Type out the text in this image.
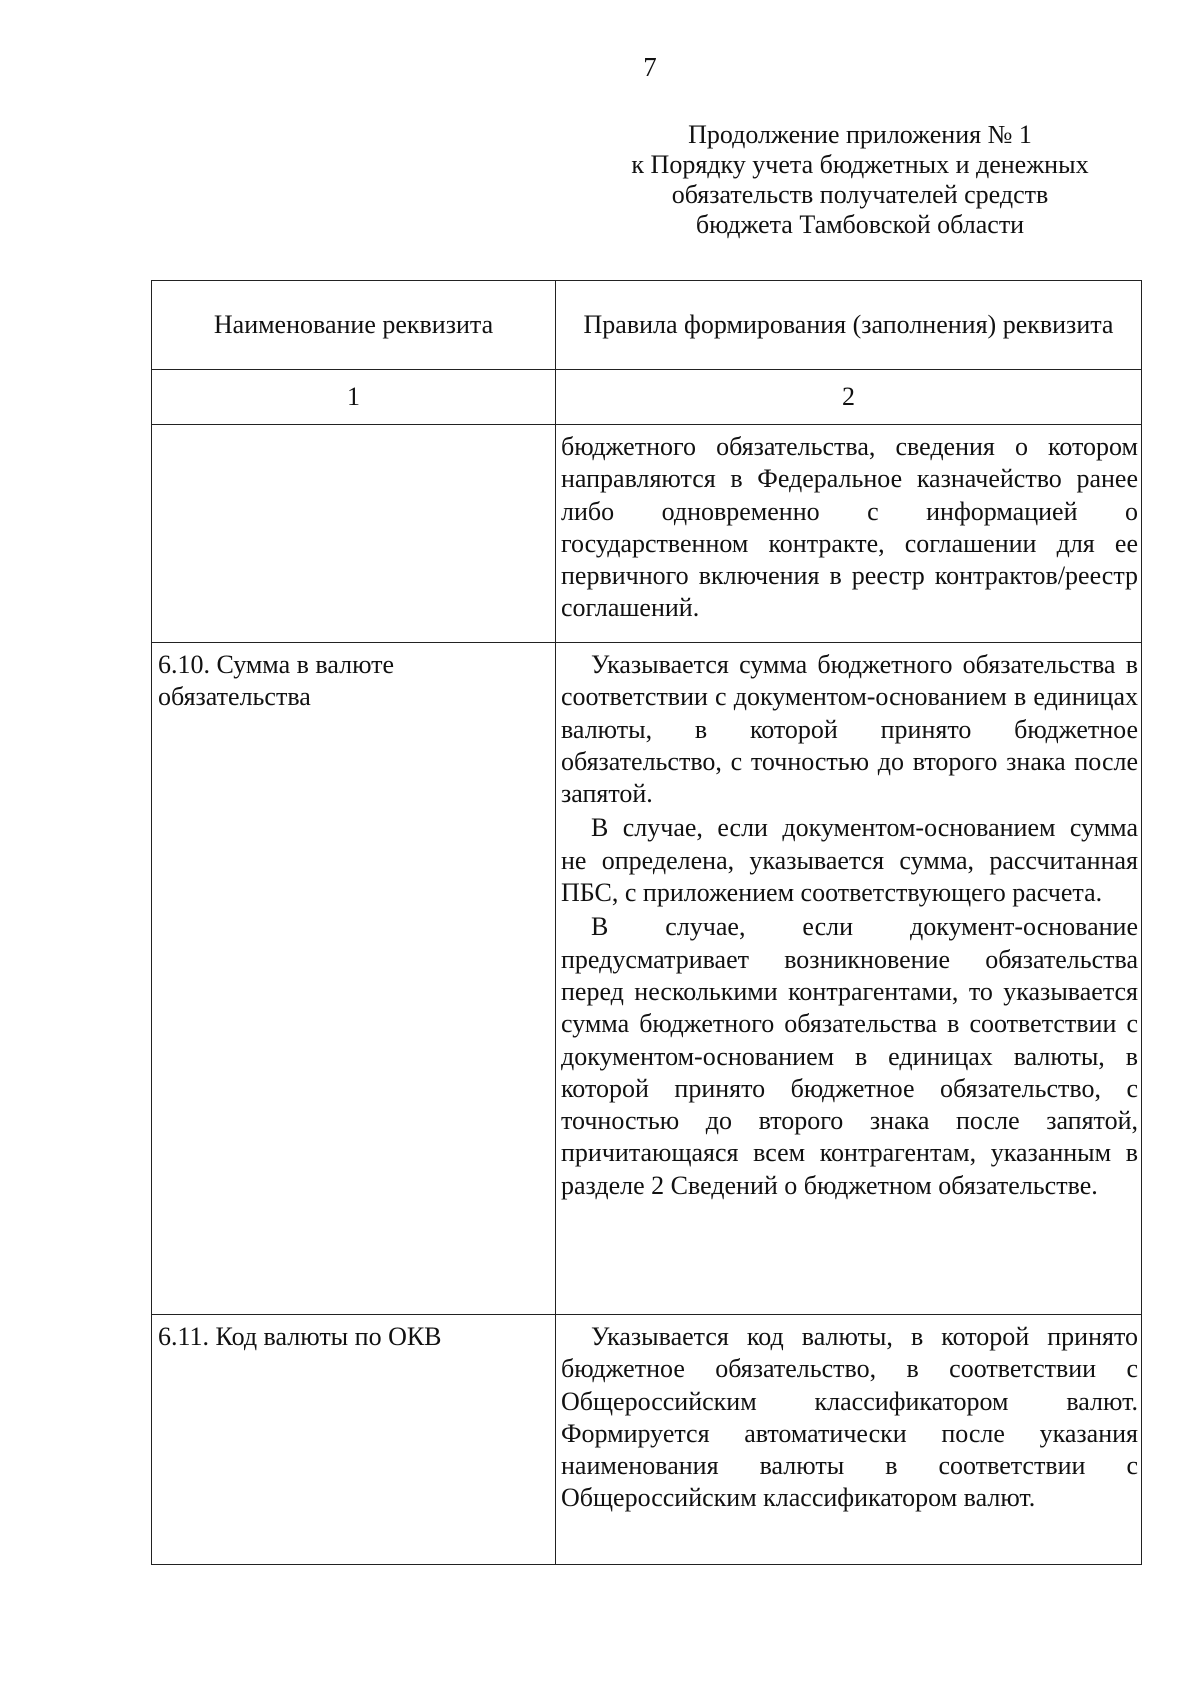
7
Продолжение приложения № 1
к Порядку учета бюджетных и денежных
обязательств получателей средств
бюджета Тамбовской области
Наименование реквизита	Правила формирования (заполнения) реквизита

1	2

	бюджетного обязательства, сведения о котором направляются в Федеральное казначейство ранее либо одновременно с информацией о государственном контракте, соглашении для ее первичного включения в реестр контрактов/реестр соглашений.

6.10. Сумма в валюте обязательства	Указывается сумма бюджетного обязательства в соответствии с документом-основанием в единицах валюты, в которой принято бюджетное обязательство, с точностью до второго знака после запятой.

В случае, если документом-основанием сумма не определена, указывается сумма, рассчитанная ПБС, с приложением соответствующего расчета.

В случае, если документ-основание предусматривает возникновение обязательства перед несколькими контрагентами, то указывается сумма бюджетного обязательства в соответствии с документом-основанием в единицах валюты, в которой принято бюджетное обязательство, с точностью до второго знака после запятой, причитающаяся всем контрагентам, указанным в разделе 2 Сведений о бюджетном обязательстве.

6.11. Код валюты по ОКВ	Указывается код валюты, в которой принято бюджетное обязательство, в соответствии с Общероссийским классификатором валют. Формируется автоматически после указания наименования валюты в соответствии с Общероссийским классификатором валют.
